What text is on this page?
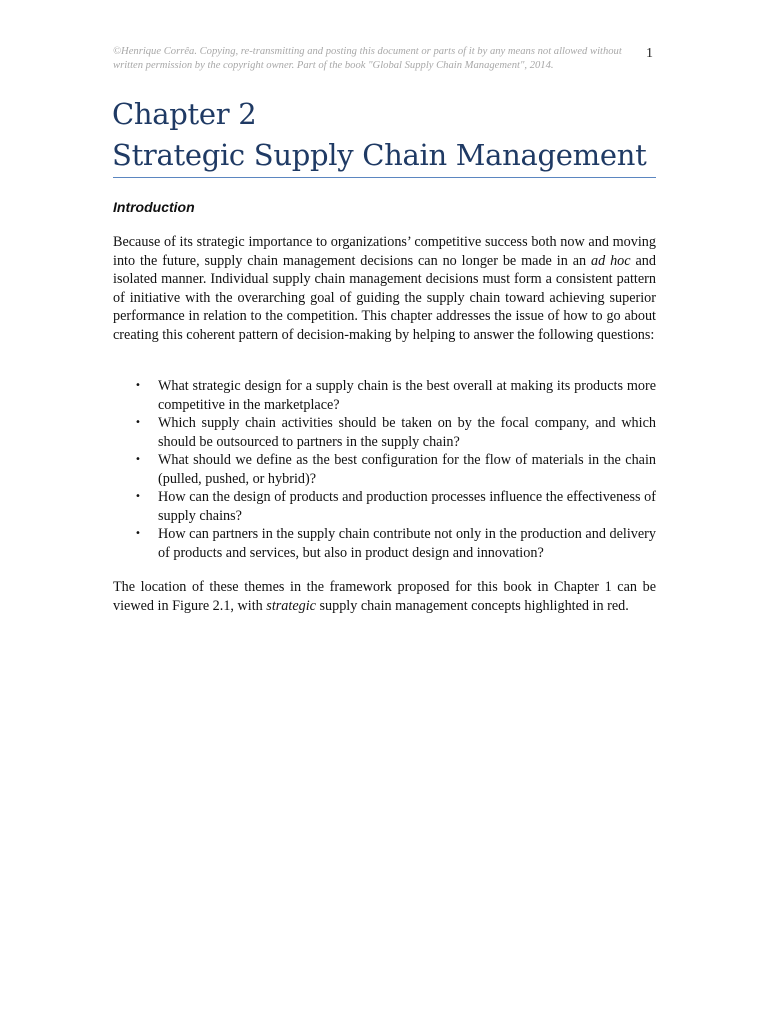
©Henrique Corrêa. Copying, re-transmitting and posting this document or parts of it by any means not allowed without written permission by the copyright owner. Part of the book "Global Supply Chain Management", 2014.
1
Chapter 2
Strategic Supply Chain Management
Introduction

Because of its strategic importance to organizations’ competitive success both now and moving into the future, supply chain management decisions can no longer be made in an ad hoc and isolated manner. Individual supply chain management decisions must form a consistent pattern of initiative with the overarching goal of guiding the supply chain toward achieving superior performance in relation to the competition. This chapter addresses the issue of how to go about creating this coherent pattern of decision-making by helping to answer the following questions:

• What strategic design for a supply chain is the best overall at making its products more competitive in the marketplace?
• Which supply chain activities should be taken on by the focal company, and which should be outsourced to partners in the supply chain?
• What should we define as the best configuration for the flow of materials in the chain (pulled, pushed, or hybrid)?
• How can the design of products and production processes influence the effectiveness of supply chains?
• How can partners in the supply chain contribute not only in the production and delivery of products and services, but also in product design and innovation?

The location of these themes in the framework proposed for this book in Chapter 1 can be viewed in Figure 2.1, with strategic supply chain management concepts highlighted in red.
